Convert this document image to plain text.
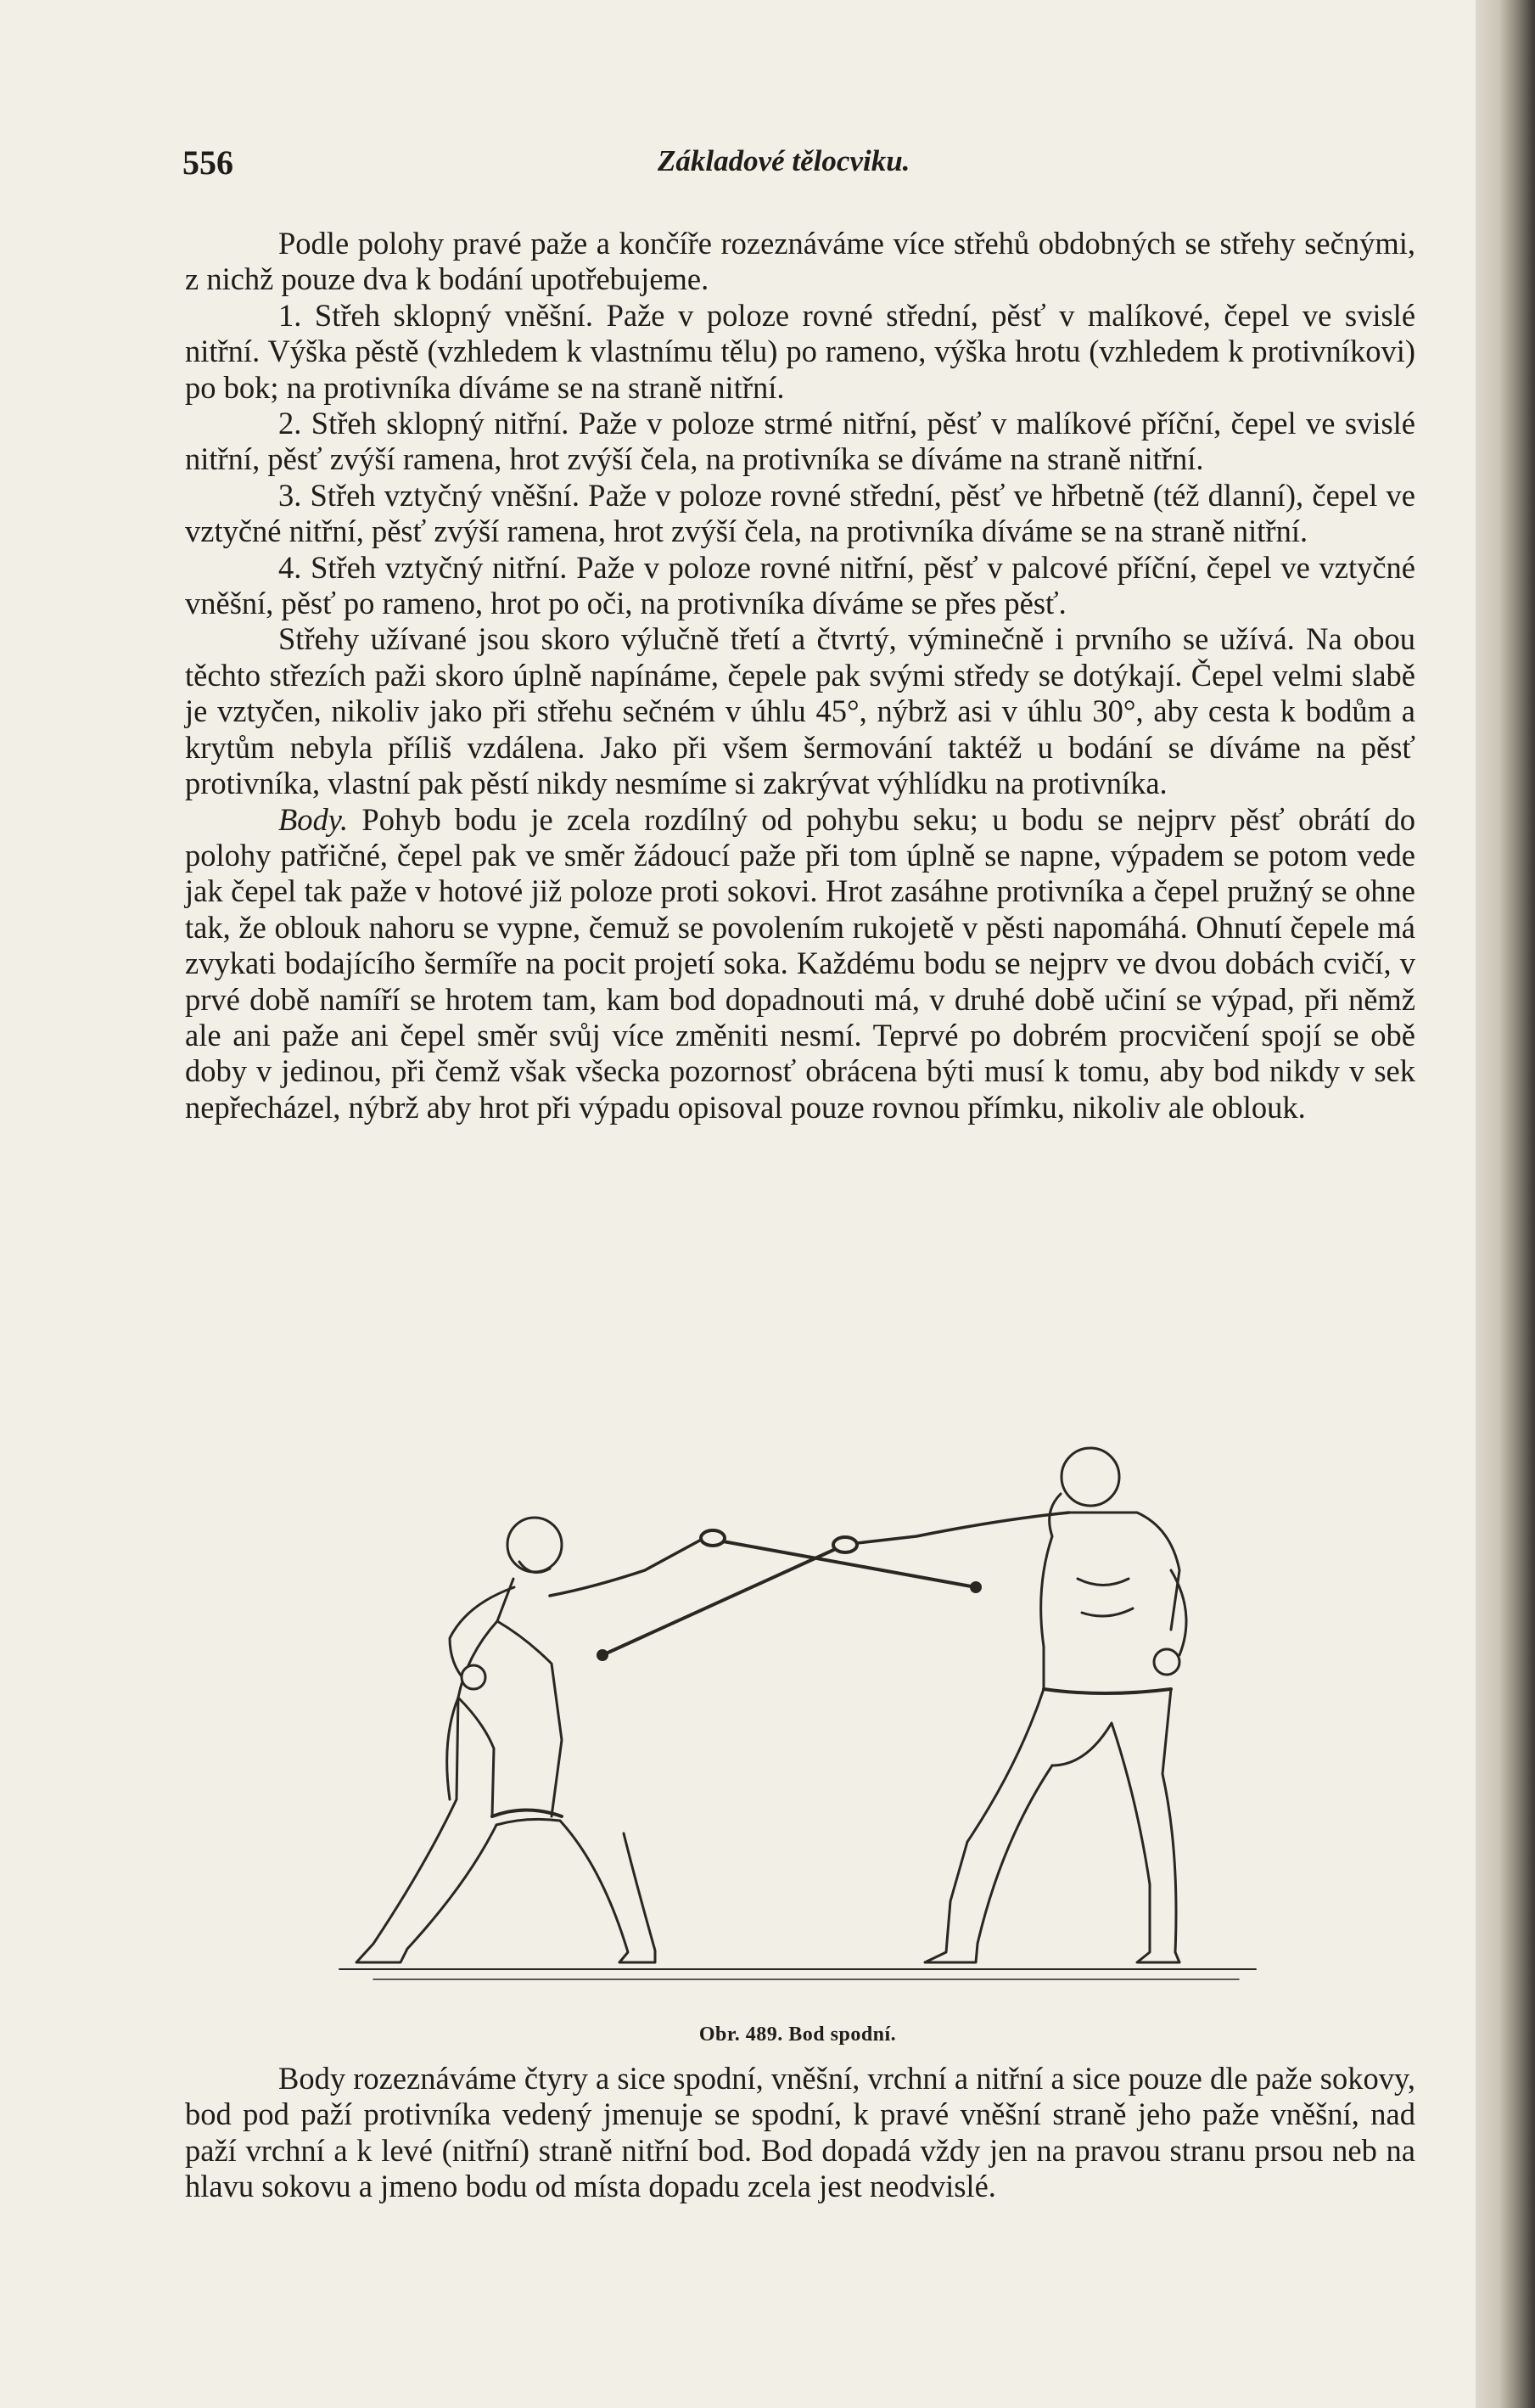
556	Základové tělocviku.

Podle polohy pravé paže a končíře rozeznáváme více střehů obdobných se střehy sečnými, z nichž pouze dva k bodání upotřebujeme.

1. Střeh sklopný vněšní. Paže v poloze rovné střední, pěsť v malíkové, čepel ve svislé nitřní. Výška pěstě (vzhledem k vlastnímu tělu) po rameno, výška hrotu (vzhledem k protivníkovi) po bok; na protivníka díváme se na straně nitřní.

2. Střeh sklopný nitřní. Paže v poloze strmé nitřní, pěsť v malíkové příční, čepel ve svislé nitřní, pěsť zvýší ramena, hrot zvýší čela, na protivníka se díváme na straně nitřní.

3. Střeh vztyčný vněšní. Paže v poloze rovné střední, pěsť ve hřbetně (též dlanní), čepel ve vztyčné nitřní, pěsť zvýší ramena, hrot zvýší čela, na protivníka díváme se na straně nitřní.

4. Střeh vztyčný nitřní. Paže v poloze rovné nitřní, pěsť v palcové příční, čepel ve vztyčné vněšní, pěsť po rameno, hrot po oči, na protivníka díváme se přes pěsť.

Střehy užívané jsou skoro výlučně třetí a čtvrtý, výminečně i prvního se užívá. Na obou těchto střezích paži skoro úplně napínáme, čepele pak svými středy se dotýkají. Čepel velmi slabě je vztyčen, nikoliv jako při střehu sečném v úhlu 45°, nýbrž asi v úhlu 30°, aby cesta k bodům a krytům nebyla příliš vzdálena. Jako při všem šermování taktéž u bodání se díváme na pěsť protivníka, vlastní pak pěstí nikdy nesmíme si zakrývat výhlídku na protivníka.

Body. Pohyb bodu je zcela rozdílný od pohybu seku; u bodu se nejprv pěsť obrátí do polohy patřičné, čepel pak ve směr žádoucí paže při tom úplně se napne, výpadem se potom vede jak čepel tak paže v hotové již poloze proti sokovi. Hrot zasáhne protivníka a čepel pružný se ohne tak, že oblouk nahoru se vypne, čemuž se povolením rukojetě v pěsti napomáhá. Ohnutí čepele má zvykati bodajícího šermíře na pocit projetí soka. Každému bodu se nejprv ve dvou dobách cvičí, v prvé době namíří se hrotem tam, kam bod dopadnouti má, v druhé době učiní se výpad, při němž ale ani paže ani čepel směr svůj více změniti nesmí. Teprvé po dobrém procvičení spojí se obě doby v jedinou, při čemž však všecka pozornosť obrácena býti musí k tomu, aby bod nikdy v sek nepřecházel, nýbrž aby hrot při výpadu opisoval pouze rovnou přímku, nikoliv ale oblouk.

Obr. 489. Bod spodní.

Body rozeznáváme čtyry a sice spodní, vněšní, vrchní a nitřní a sice pouze dle paže sokovy, bod pod paží protivníka vedený jmenuje se spodní, k pravé vněšní straně jeho paže vněšní, nad paží vrchní a k levé (nitřní) straně nitřní bod. Bod dopadá vždy jen na pravou stranu prsou neb na hlavu sokovu a jmeno bodu od místa dopadu zcela jest neodvislé.
